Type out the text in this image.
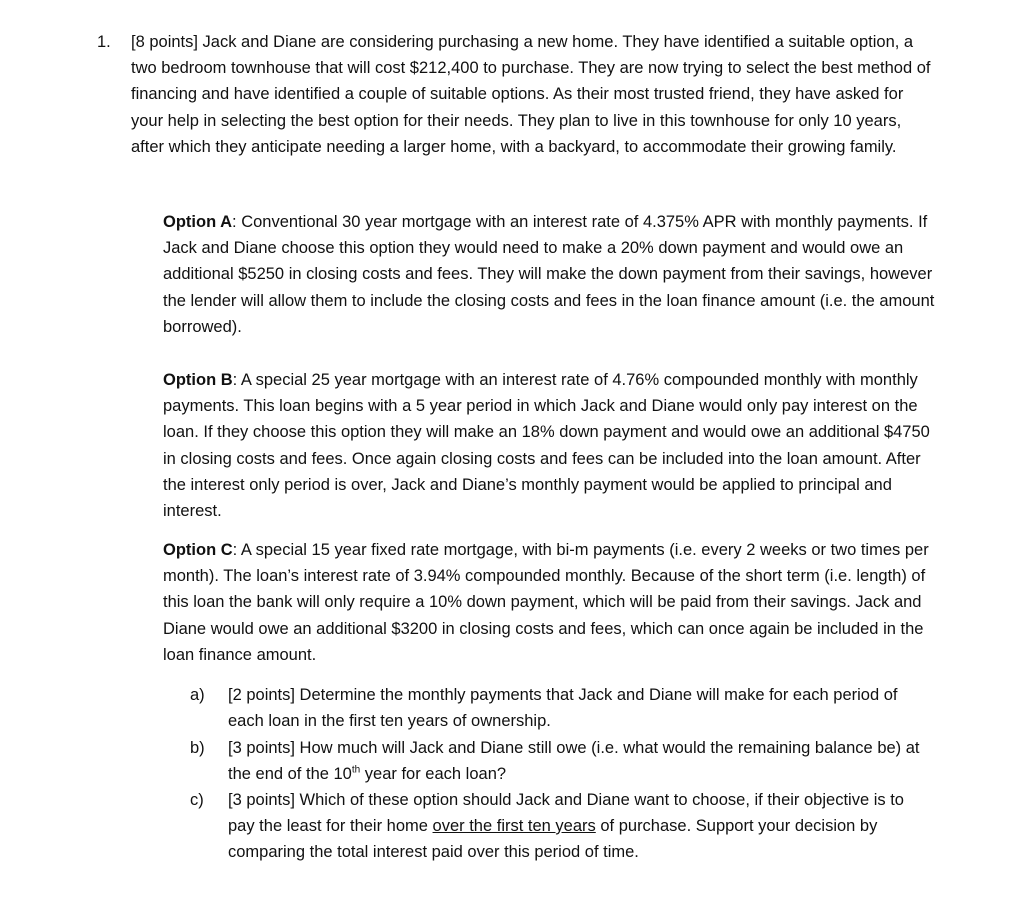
1. [8 points] Jack and Diane are considering purchasing a new home. They have identified a suitable option, a two bedroom townhouse that will cost $212,400 to purchase. They are now trying to select the best method of financing and have identified a couple of suitable options. As their most trusted friend, they have asked for your help in selecting the best option for their needs. They plan to live in this townhouse for only 10 years, after which they anticipate needing a larger home, with a backyard, to accommodate their growing family.
Option A: Conventional 30 year mortgage with an interest rate of 4.375% APR with monthly payments. If Jack and Diane choose this option they would need to make a 20% down payment and would owe an additional $5250 in closing costs and fees. They will make the down payment from their savings, however the lender will allow them to include the closing costs and fees in the loan finance amount (i.e. the amount borrowed).
Option B: A special 25 year mortgage with an interest rate of 4.76% compounded monthly with monthly payments. This loan begins with a 5 year period in which Jack and Diane would only pay interest on the loan. If they choose this option they will make an 18% down payment and would owe an additional $4750 in closing costs and fees. Once again closing costs and fees can be included into the loan amount. After the interest only period is over, Jack and Diane’s monthly payment would be applied to principal and interest.
Option C: A special 15 year fixed rate mortgage, with bi-m payments (i.e. every 2 weeks or two times per month). The loan’s interest rate of 3.94% compounded monthly. Because of the short term (i.e. length) of this loan the bank will only require a 10% down payment, which will be paid from their savings. Jack and Diane would owe an additional $3200 in closing costs and fees, which can once again be included in the loan finance amount.
a) [2 points] Determine the monthly payments that Jack and Diane will make for each period of each loan in the first ten years of ownership.
b) [3 points] How much will Jack and Diane still owe (i.e. what would the remaining balance be) at the end of the 10th year for each loan?
c) [3 points] Which of these option should Jack and Diane want to choose, if their objective is to pay the least for their home over the first ten years of purchase. Support your decision by comparing the total interest paid over this period of time.
